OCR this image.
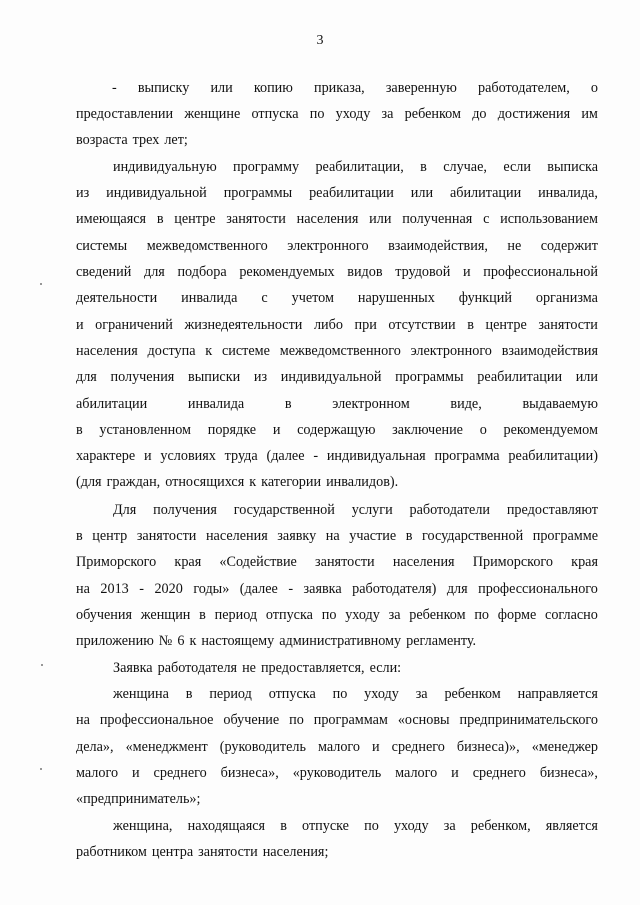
3
- выписку или копию приказа, заверенную работодателем, о
предоставлении женщине отпуска по уходу за ребенком до достижения им
возраста трех лет;
индивидуальную программу реабилитации, в случае, если выписка
из индивидуальной программы реабилитации или абилитации инвалида,
имеющаяся в центре занятости населения или полученная с использованием
системы межведомственного электронного взаимодействия, не содержит
сведений для подбора рекомендуемых видов трудовой и профессиональной
деятельности инвалида с учетом нарушенных функций организма
и ограничений жизнедеятельности либо при отсутствии в центре занятости
населения доступа к системе межведомственного электронного взаимодействия
для получения выписки из индивидуальной программы реабилитации или
абилитации	инвалида	в	электронном	виде,	выдаваемую
в установленном порядке и содержащую заключение о рекомендуемом
характере и условиях труда (далее - индивидуальная программа реабилитации)
(для граждан, относящихся к категории инвалидов).
Для получения государственной услуги работодатели предоставляют
в центр занятости населения заявку на участие в государственной программе
Приморского края «Содействие занятости населения Приморского края
на 2013 - 2020 годы» (далее - заявка работодателя) для профессионального
обучения женщин в период отпуска по уходу за ребенком по форме согласно
приложению № 6 к настоящему административному регламенту.
Заявка работодателя не предоставляется, если:
женщина в период отпуска по уходу за ребенком направляется
на профессиональное обучение по программам «основы предпринимательского
дела», «менеджмент (руководитель малого и среднего бизнеса)», «менеджер
малого и среднего бизнеса», «руководитель малого и среднего бизнеса»,
«предприниматель»;
женщина, находящаяся в отпуске по уходу за ребенком, является
работником центра занятости населения;
